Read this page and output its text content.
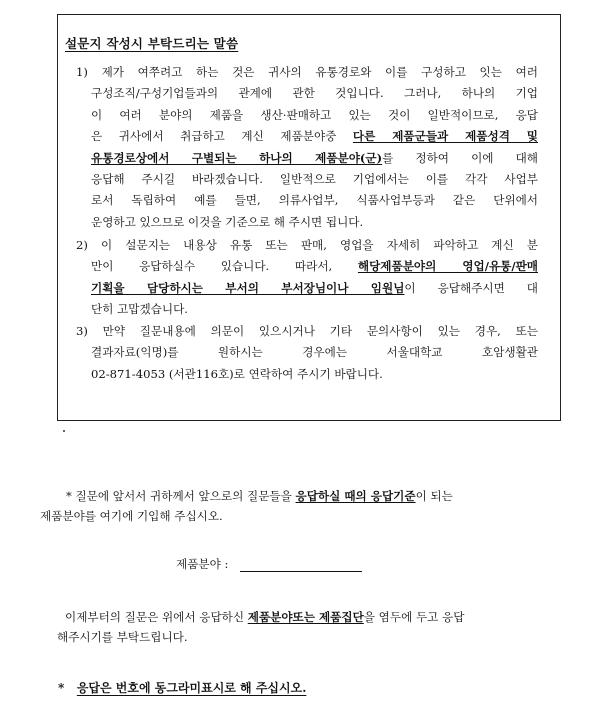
설문지 작성시 부탁드리는 말씀
1) 제가 여쭈려고 하는 것은 귀사의 유통경로와 이를 구성하고 잇는 여러
구성조직/구성기업들과의 관계에 관한 것입니다. 그러나, 하나의 기업
이 여러 분야의 제품을 생산·판매하고 있는 것이 일반적이므로, 응답
은 귀사에서 취급하고 계신 제품분야중 다른 제품군들과 제품성격 및
유통경로상에서 구별되는 하나의 제품분야(군)를 정하여 이에 대해
응답해 주시길 바라겠습니다. 일반적으로 기업에서는 이를 각각 사업부
로서 독립하여 예를 들면, 의류사업부, 식품사업부등과 같은 단위에서
운영하고 있으므로 이것을 기준으로 해 주시면 됩니다.
2) 이 설문지는 내용상 유통 또는 판매, 영업을 자세히 파악하고 계신 분
만이 응답하실수 있습니다. 따라서, 해당제품분야의 영업/유통/판매
기획을 담당하시는 부서의 부서장님이나 임원님이 응답해주시면 대
단히 고맙겠습니다.
3) 만약 질문내용에 의문이 있으시거나 기타 문의사항이 있는 경우, 또는
결과자료(익명)를 원하시는 경우에는 서울대학교 호암생활관
02-871-4053 (서관116호)로 연락하여 주시기 바랍니다.
* 질문에 앞서서 귀하께서 앞으로의 질문들을 응답하실 때의 응답기준이 되는
제품분야를 여기에 기입해 주십시오.
제품분야 :
이제부터의 질문은 위에서 응답하신 제품분야또는 제품집단을 염두에 두고 응답
해주시기를 부탁드립니다.
* 응답은 번호에 동그라미표시로 해 주십시오.
